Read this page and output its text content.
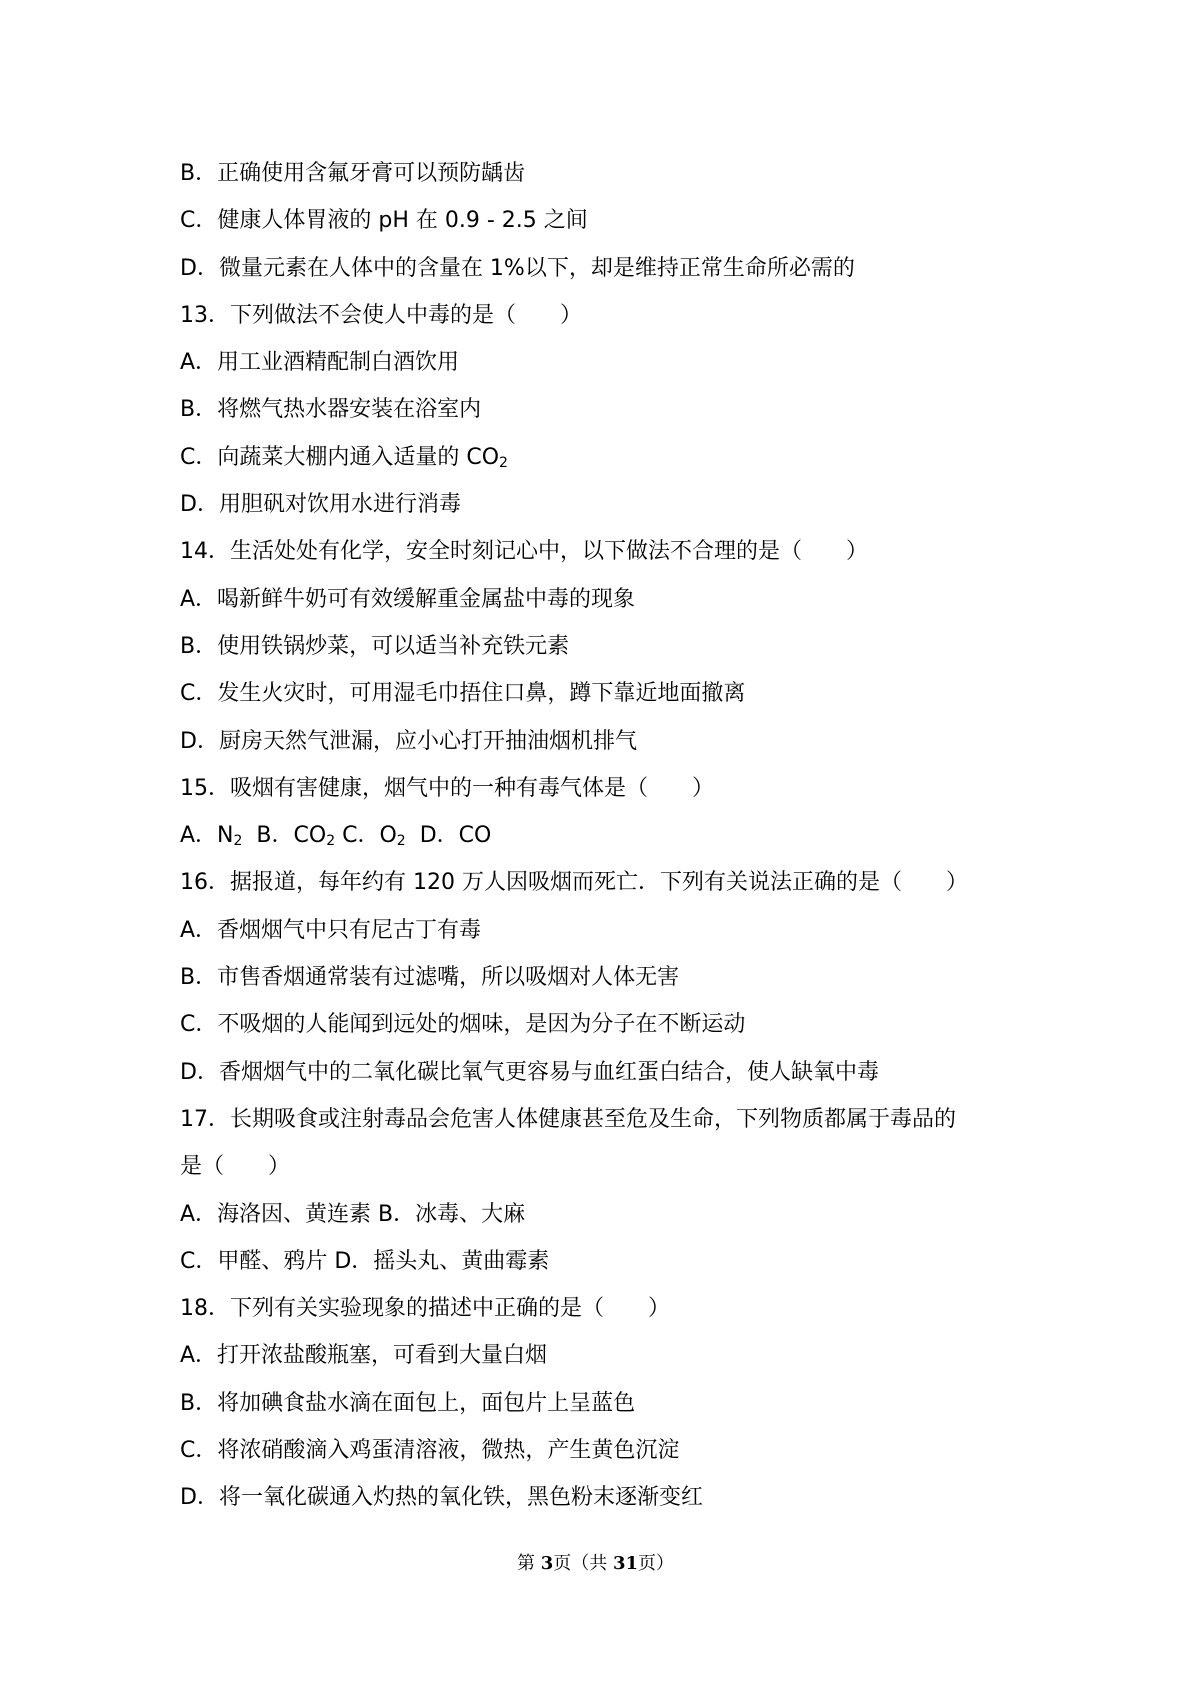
B．正确使用含氟牙膏可以预防龋齿
C．健康人体胃液的 pH 在 0.9 - 2.5 之间
D．微量元素在人体中的含量在 1%以下，却是维持正常生命所必需的
13．下列做法不会使人中毒的是（　　）
A．用工业酒精配制白酒饮用
B．将燃气热水器安装在浴室内
C．向蔬菜大棚内通入适量的 $CO_2$
D．用胆矾对饮用水进行消毒
14．生活处处有化学，安全时刻记心中，以下做法不合理的是（　　）
A．喝新鲜牛奶可有效缓解重金属盐中毒的现象
B．使用铁锅炒菜，可以适当补充铁元素
C．发生火灾时，可用湿毛巾捂住口鼻，蹲下靠近地面撤离
D．厨房天然气泄漏，应小心打开抽油烟机排气
15．吸烟有害健康，烟气中的一种有毒气体是（　　）
A．$N_2$  B．$CO_2$ C．$O_2$  D．CO
16．据报道，每年约有 120 万人因吸烟而死亡．下列有关说法正确的是（　　）
A．香烟烟气中只有尼古丁有毒
B．市售香烟通常装有过滤嘴，所以吸烟对人体无害
C．不吸烟的人能闻到远处的烟味，是因为分子在不断运动
D．香烟烟气中的二氧化碳比氧气更容易与血红蛋白结合，使人缺氧中毒
17．长期吸食或注射毒品会危害人体健康甚至危及生命，下列物质都属于毒品的
是（　　）
A．海洛因、黄连素 B．冰毒、大麻
C．甲醛、鸦片 D．摇头丸、黄曲霉素
18．下列有关实验现象的描述中正确的是（　　）
A．打开浓盐酸瓶塞，可看到大量白烟
B．将加碘食盐水滴在面包上，面包片上呈蓝色
C．将浓硝酸滴入鸡蛋清溶液，微热，产生黄色沉淀
D．将一氧化碳通入灼热的氧化铁，黑色粉末逐渐变红
第 3页（共 31页）
